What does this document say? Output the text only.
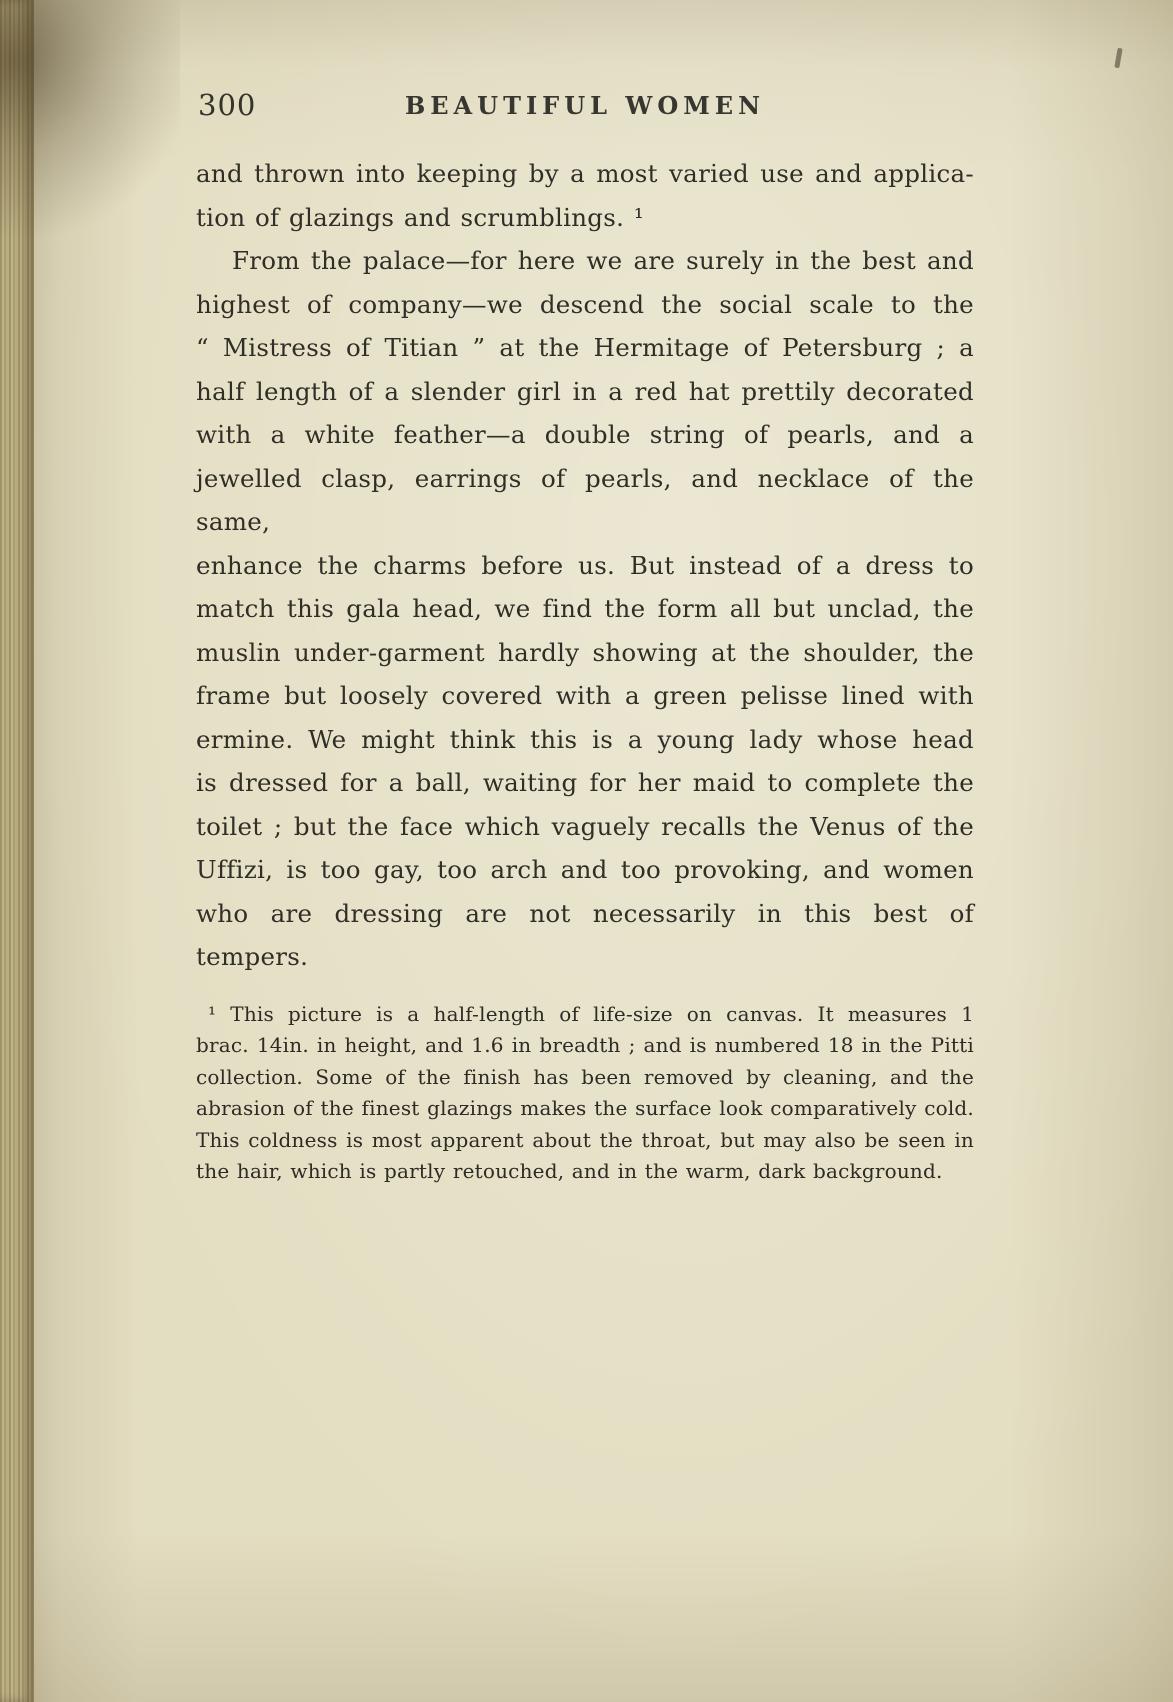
300	BEAUTIFUL WOMEN
and thrown into keeping by a most varied use and applica-
tion of glazings and scrumblings. ¹
From the palace—for here we are surely in the best and
highest of company—we descend the social scale to the
“ Mistress of Titian ” at the Hermitage of Petersburg ; a
half length of a slender girl in a red hat prettily decorated
with a white feather—a double string of pearls, and a
jewelled clasp, earrings of pearls, and necklace of the same,
enhance the charms before us. But instead of a dress to
match this gala head, we find the form all but unclad, the
muslin under-garment hardly showing at the shoulder, the
frame but loosely covered with a green pelisse lined with
ermine. We might think this is a young lady whose head
is dressed for a ball, waiting for her maid to complete the
toilet ; but the face which vaguely recalls the Venus of the
Uffizi, is too gay, too arch and too provoking, and women
who are dressing are not necessarily in this best of tempers.
¹ This picture is a half-length of life-size on canvas. It measures 1
brac. 14in. in height, and 1.6 in breadth ; and is numbered 18 in the Pitti
collection. Some of the finish has been removed by cleaning, and the
abrasion of the finest glazings makes the surface look comparatively cold.
This coldness is most apparent about the throat, but may also be seen in
the hair, which is partly retouched, and in the warm, dark background.
